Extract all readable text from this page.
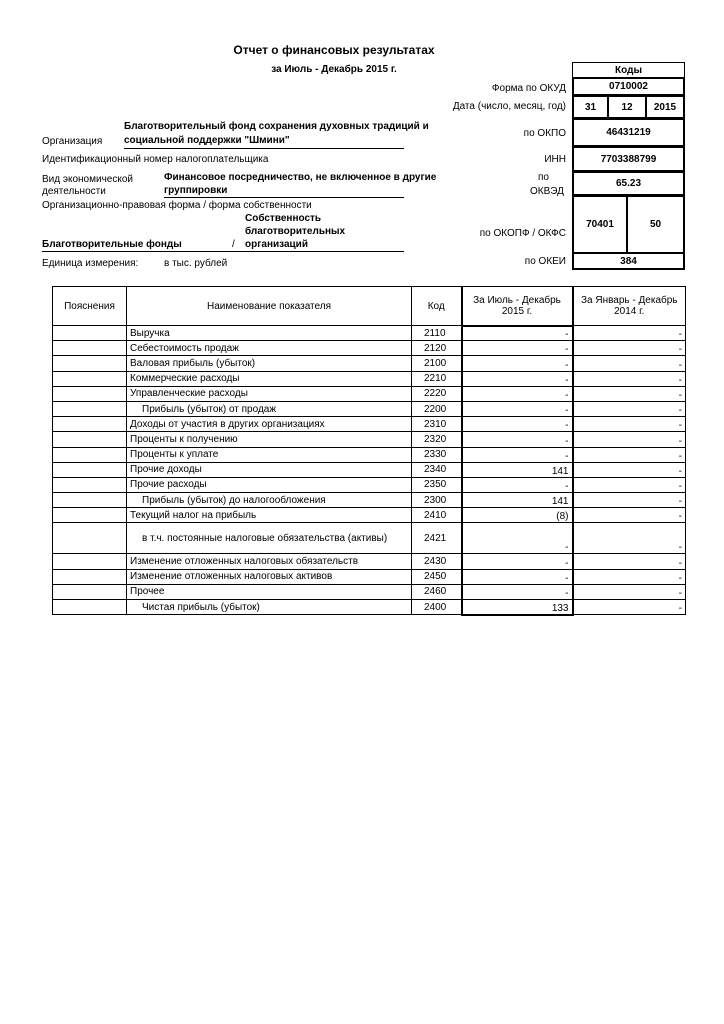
Отчет о финансовых результатах
за Июль - Декабрь 2015 г.	Коды
Форма по ОКУД	0710002
Дата (число, месяц, год) 31	12 2015
Организация
Благотворительный фонд сохранения духовных традиций и
социальной поддержки "Шмини"
по ОКПО	46431219
Идентификационный номер налогоплательщика	ИНН	7703388799
Вид экономической
деятельности
Финансовое посредничество, не включенное в другие
группировки
по
ОКВЭД
65.23
Организационно-правовая форма / форма собственности
Благотворительные фонды	/
Собственность
благотворительных
организаций
по ОКОПФ / ОКФС
70401	50
Единица измерения:	в тыс. рублей	по ОКЕИ	384
Пояснения	Наименование показателя	Код	За Июль - Декабрь 2015 г.	За Январь - Декабрь 2014 г.
	Выручка	2110	-	-
	Себестоимость продаж	2120	-	-
	Валовая прибыль (убыток)	2100	-	-
	Коммерческие расходы	2210	-	-
	Управленческие расходы	2220	-	-
	Прибыль (убыток) от продаж	2200	-	-
	Доходы от участия в других организациях	2310	-	-
	Проценты к получению	2320	-	-
	Проценты к уплате	2330	-	-
	Прочие доходы	2340	141	-
	Прочие расходы	2350	-	-
	Прибыль (убыток) до налогообложения	2300	141	-
	Текущий налог на прибыль	2410	(8)	-
	в т.ч. постоянные налоговые обязательства (активы)	2421	-	-
	Изменение отложенных налоговых обязательств	2430	-	-
	Изменение отложенных налоговых активов	2450	-	-
	Прочее	2460	-	-
	Чистая прибыль (убыток)	2400	133	-
